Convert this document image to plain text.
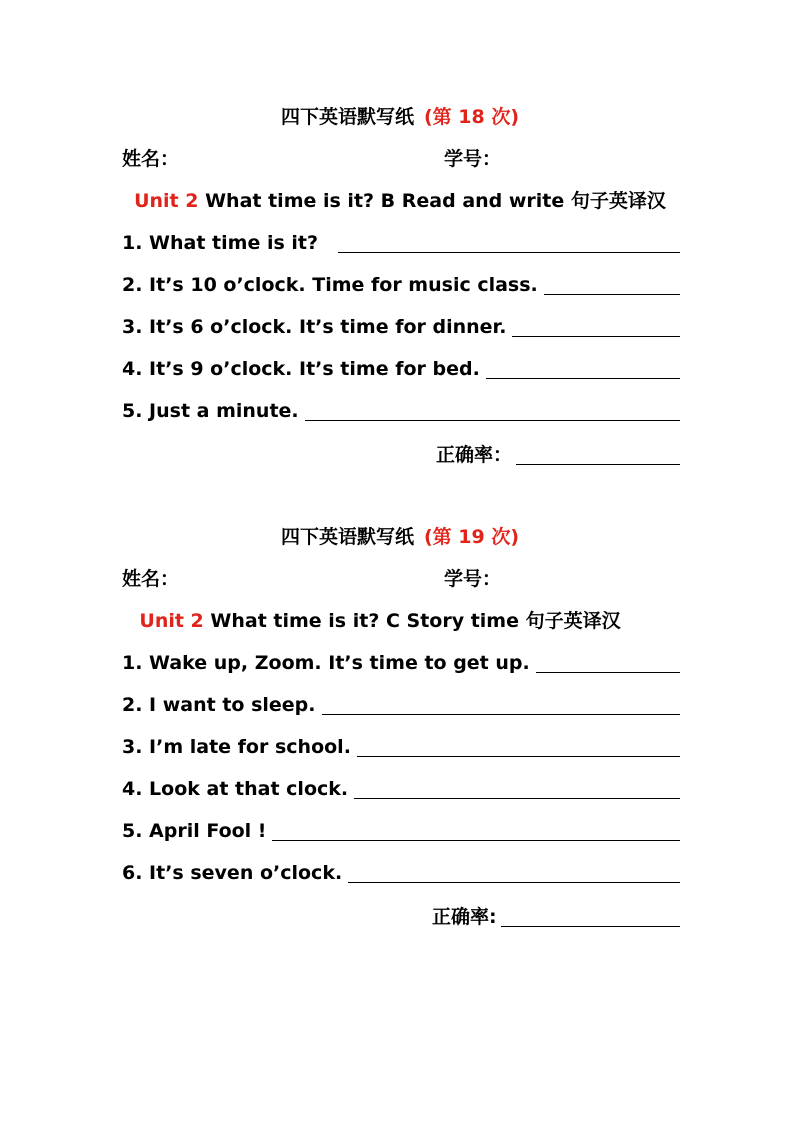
四下英语默写纸 (第 18 次)
姓名：	学号：
Unit 2 What time is it? B Read and write 句子英译汉
1. What time is it?
2. It’s 10 o’clock. Time for music class.
3. It’s 6 o’clock. It’s time for dinner.
4. It’s 9 o’clock. It’s time for bed.
5. Just a minute.
正确率：
四下英语默写纸 (第 19 次)
姓名：	学号：
Unit 2 What time is it? C Story time 句子英译汉
1. Wake up, Zoom. It’s time to get up.
2. I want to sleep.
3. I’m late for school.
4. Look at that clock.
5. April Fool !
6. It’s seven o’clock.
正确率:
